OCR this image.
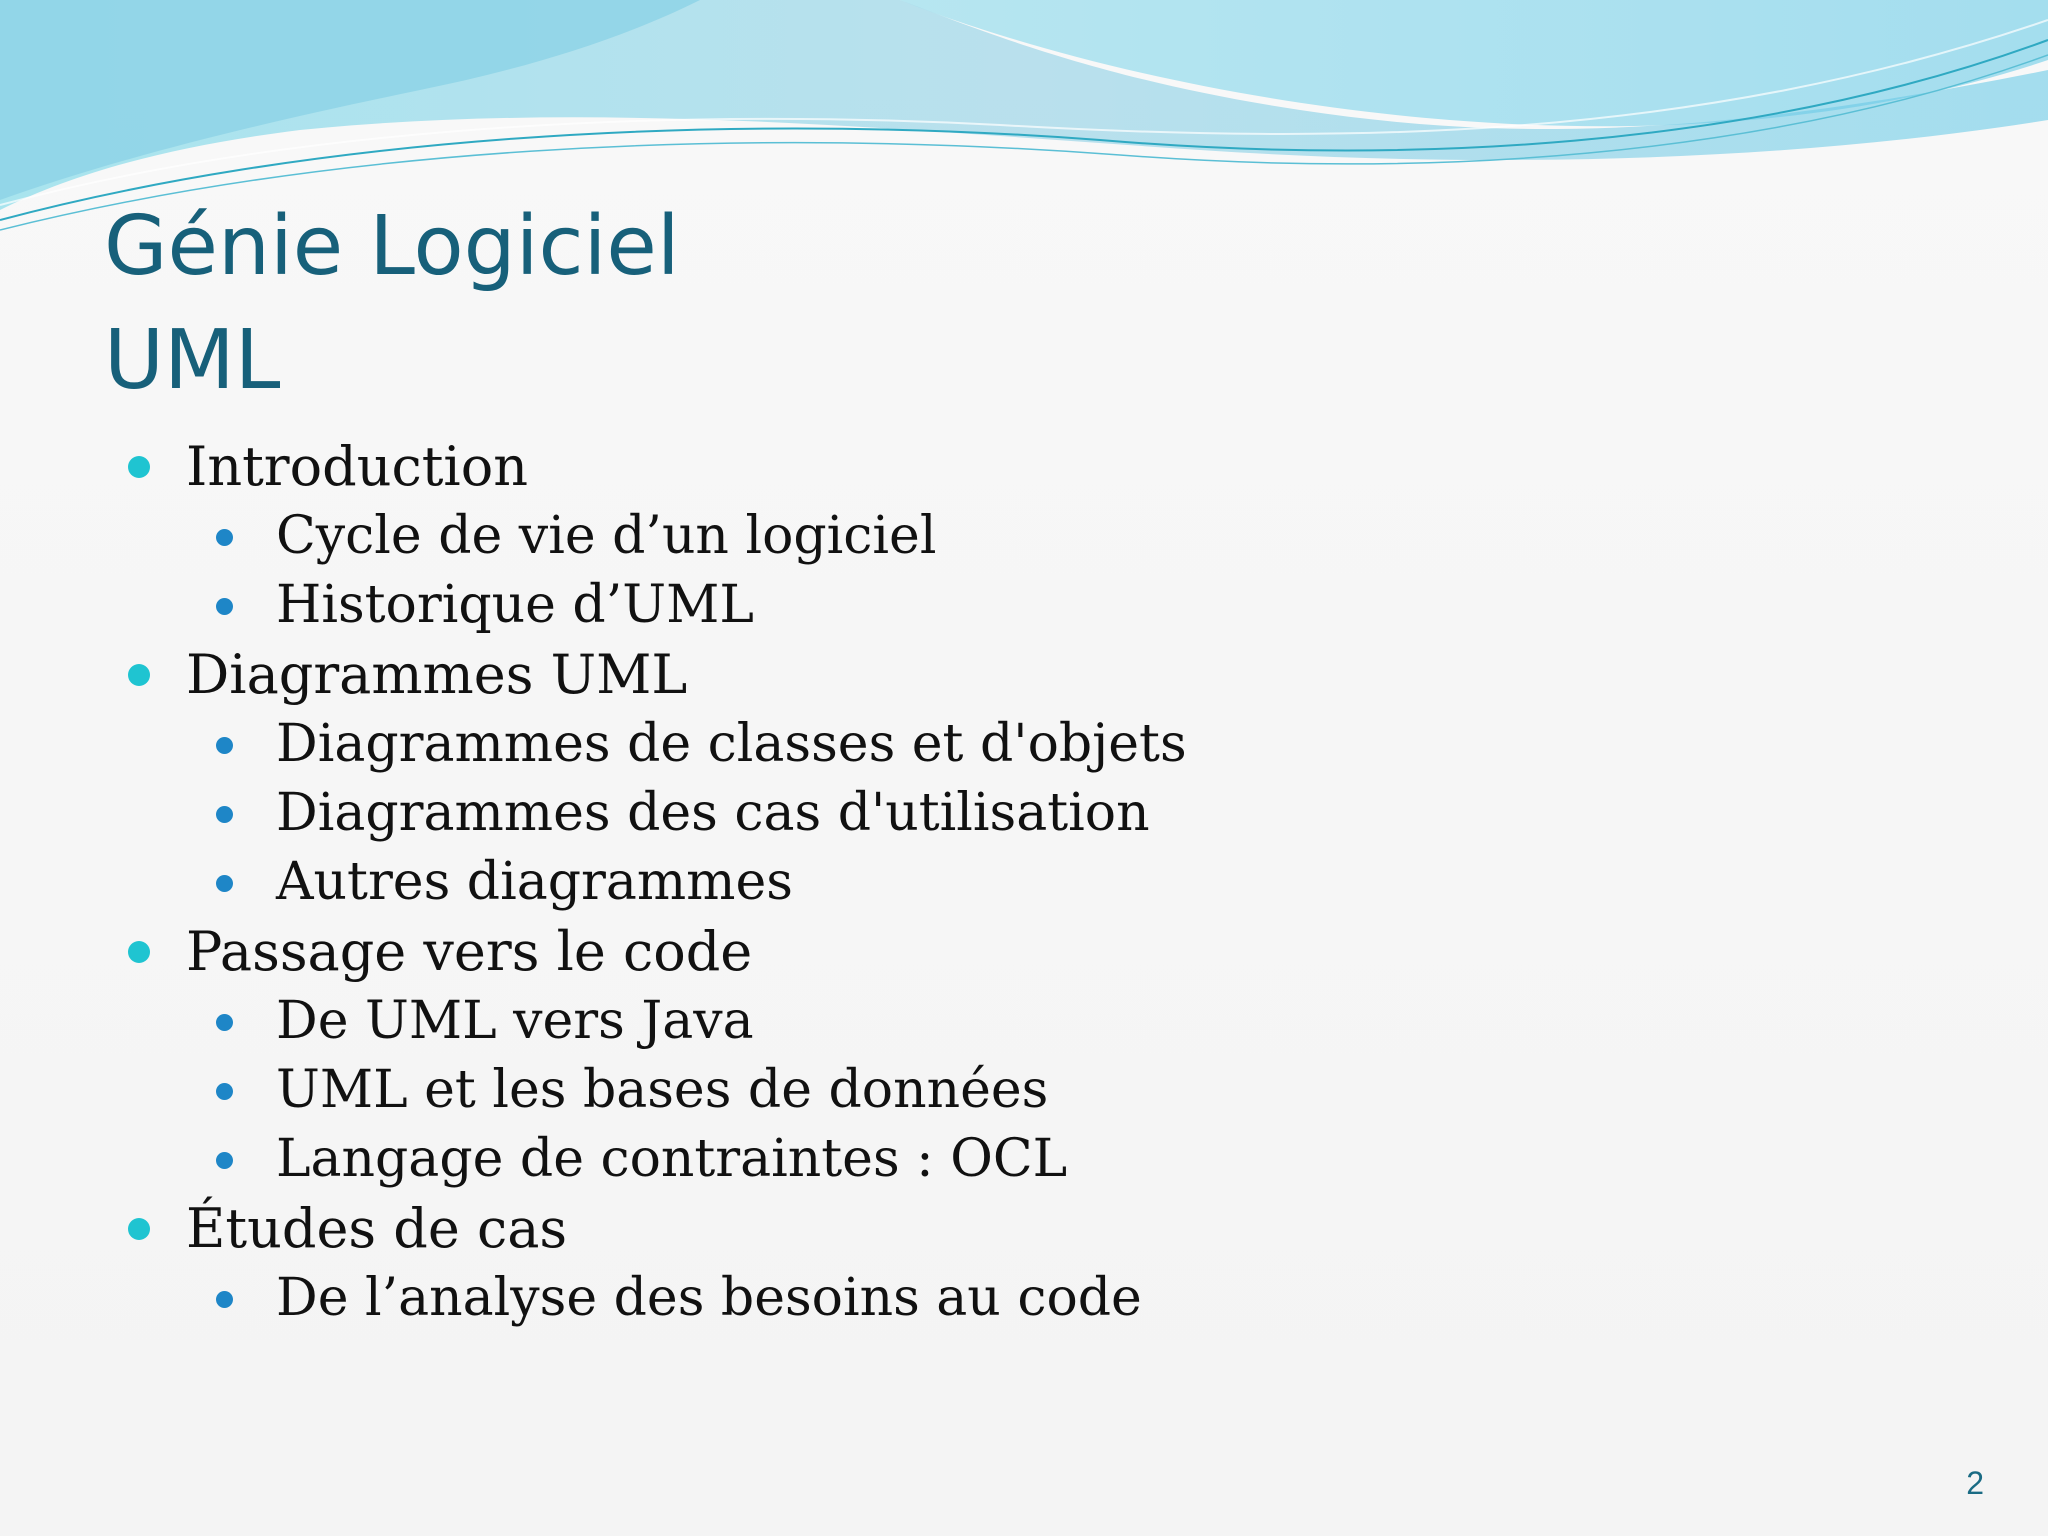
Génie Logiciel
UML
Introduction
Cycle de vie d’un logiciel
Historique d’UML
Diagrammes UML
Diagrammes de classes et d'objets
Diagrammes des cas d'utilisation
Autres diagrammes
Passage vers le code
De UML vers Java
UML et les bases de données
Langage de contraintes : OCL
Études de cas
De l’analyse des besoins au code
2
